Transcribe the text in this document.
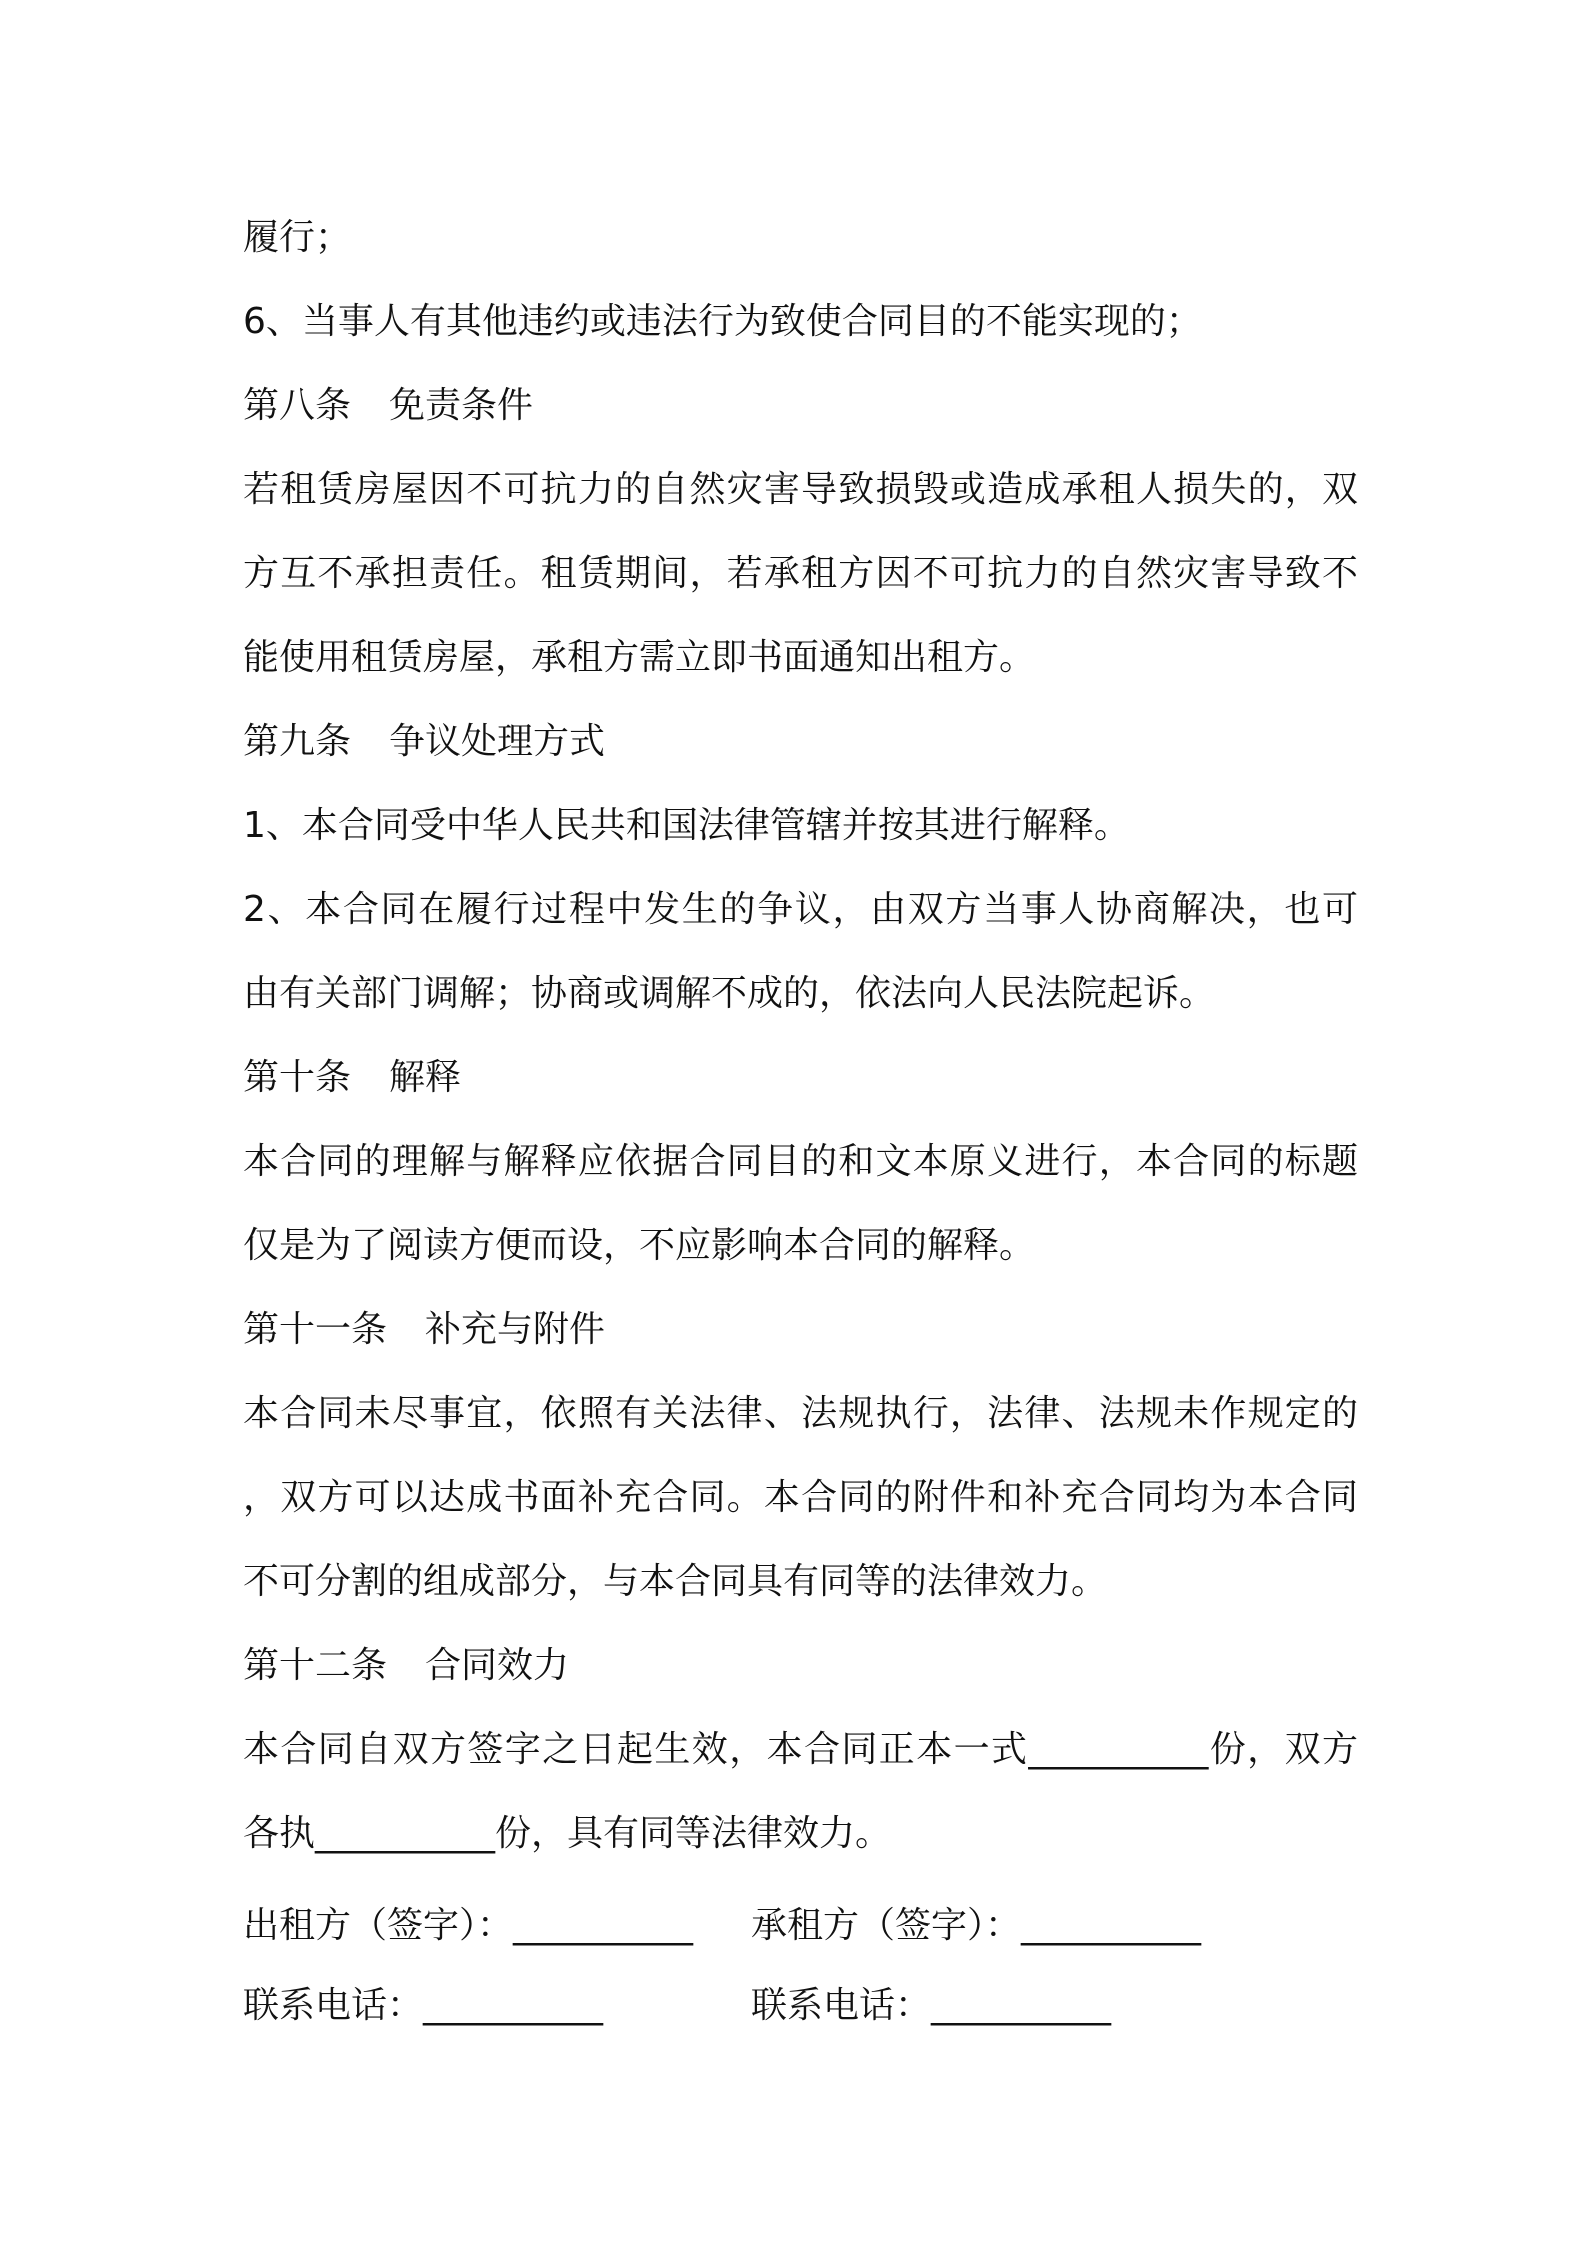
履行；
6、当事人有其他违约或违法行为致使合同目的不能实现的；
第八条 免责条件
若租赁房屋因不可抗力的自然灾害导致损毁或造成承租人损失的，双
方互不承担责任。租赁期间，若承租方因不可抗力的自然灾害导致不
能使用租赁房屋，承租方需立即书面通知出租方。
第九条 争议处理方式
1、本合同受中华人民共和国法律管辖并按其进行解释。
2、本合同在履行过程中发生的争议，由双方当事人协商解决，也可
由有关部门调解；协商或调解不成的，依法向人民法院起诉。
第十条 解释
本合同的理解与解释应依据合同目的和文本原义进行，本合同的标题
仅是为了阅读方便而设，不应影响本合同的解释。
第十一条 补充与附件
本合同未尽事宜，依照有关法律、法规执行，法律、法规未作规定的
，双方可以达成书面补充合同。本合同的附件和补充合同均为本合同
不可分割的组成部分，与本合同具有同等的法律效力。
第十二条 合同效力
本合同自双方签字之日起生效，本合同正本一式__________份，双方
各执__________份，具有同等法律效力。
出租方（签字）：__________ 承租方（签字）：__________
联系电话：__________	联系电话：__________
